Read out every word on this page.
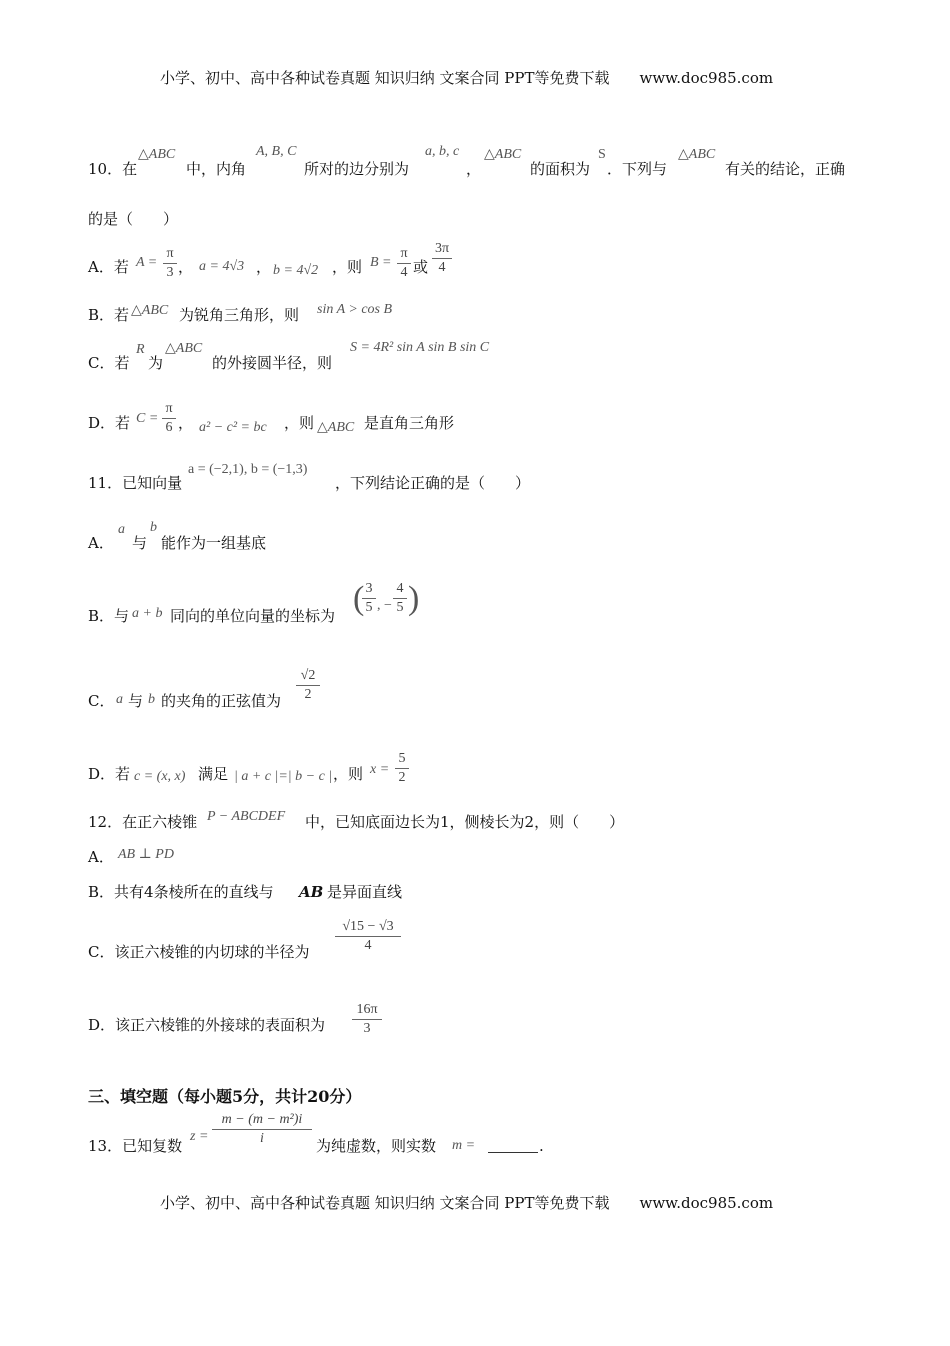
小学、初中、高中各种试卷真题 知识归纳 文案合同 PPT等免费下载　　www.doc985.com
10．在
△ABC
中，内角
A, B, C
所对的边分别为
a, b, c
，
△ABC
的面积为
S
．下列与
△ABC
有关的结论，正确
的是（　　）
A．若 A =
π
3 ， a = 4√3 ， b = 4√2 ，则 B =
π
4 或
3π
4
B．若 △ABC 为锐角三角形，则 sin A > cos B
C．若
R
为
△ABC
的外接圆半径，则
S = 4R² sin A sin B sin C
D．若 C =
π
6 ， a² − c² = bc ，则 △ABC 是直角三角形
11．已知向量
a = (−2,1), b = (−1,3)
，下列结论正确的是（　　）
A．
a
与
b
能作为一组基底
B．与 a + b 同向的单位向量的坐标为 ( 3
5 , −
4
5 )
C． a 与 b 的夹角的正弦值为
√2
2
D．若 c = (x, x) 满足 | a + c |=| b − c | ，则 x =
5
2
12．在正六棱锥 P − ABCDEF 中，已知底面边长为1，侧棱长为2，则（　　）
A． AB ⊥ PD
B．共有4条棱所在的直线与 AB 是异面直线
C．该正六棱锥的内切球的半径为
√15 − √3
4
D．该正六棱锥的外接球的表面积为
16π
3
三、填空题（每小题5分，共计20分）
13．已知复数
z =
m − (m − m²)i
i	为纯虚数，则实数 m =	.
小学、初中、高中各种试卷真题 知识归纳 文案合同 PPT等免费下载　　www.doc985.com
